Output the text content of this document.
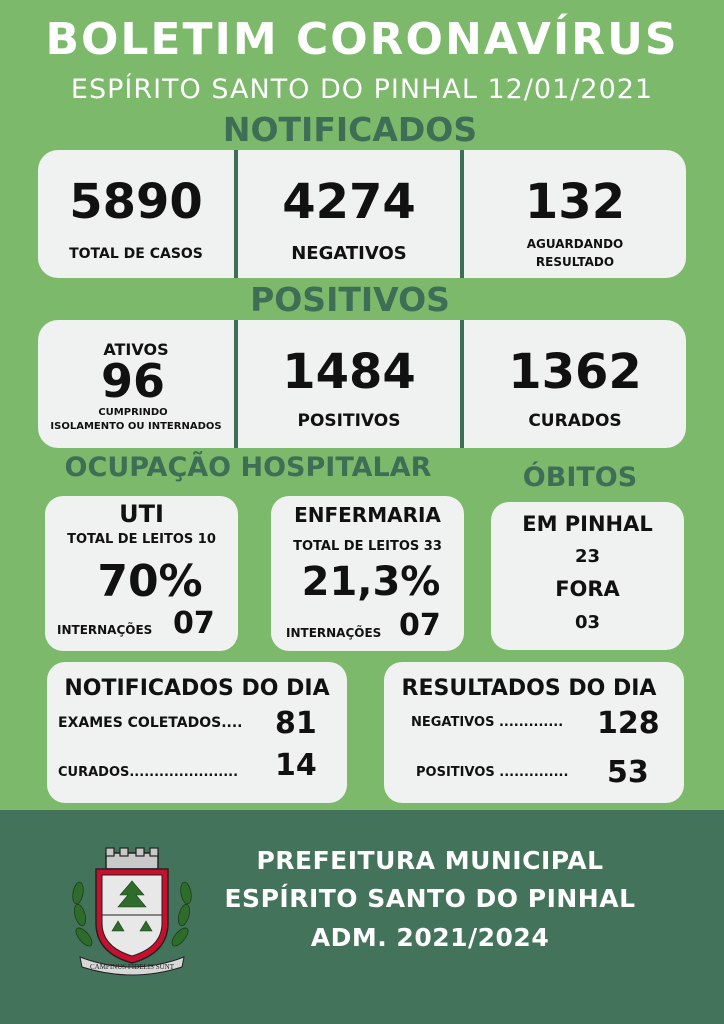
BOLETIM CORONAVÍRUS
ESPÍRITO SANTO DO PINHAL 12/01/2021
NOTIFICADOS
5890
TOTAL DE CASOS
4274
NEGATIVOS
132
AGUARDANDO
RESULTADO
POSITIVOS
ATIVOS
96
CUMPRINDO
ISOLAMENTO OU INTERNADOS
1484
POSITIVOS
1362
CURADOS
OCUPAÇÃO HOSPITALAR	ÓBITOS
UTI
TOTAL DE LEITOS 10
70%
INTERNAÇÕES 07
ENFERMARIA
TOTAL DE LEITOS 33
21,3%
INTERNAÇÕES 07
EM PINHAL
23
FORA
03
NOTIFICADOS DO DIA
EXAMES COLETADOS.... 81
CURADOS...................... 14
RESULTADOS DO DIA
NEGATIVOS ............. 128
POSITIVOS .............. 53
CAMPINUS FIDELIS SUNT
PREFEITURA MUNICIPAL
ESPÍRITO SANTO DO PINHAL
ADM. 2021/2024
